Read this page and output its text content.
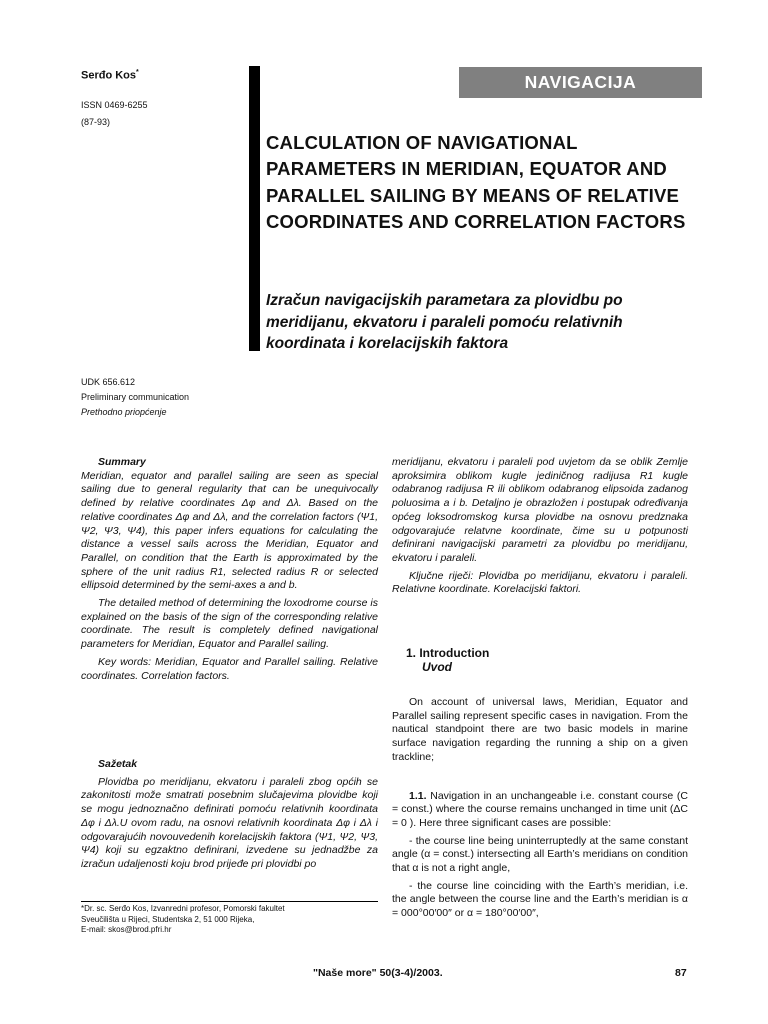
Serđo Kos*
ISSN 0469-6255
(87-93)
NAVIGACIJA
CALCULATION OF NAVIGATIONAL PARAMETERS IN MERIDIAN, EQUATOR AND PARALLEL SAILING BY MEANS OF RELATIVE COORDINATES AND CORRELATION FACTORS
Izračun navigacijskih parametara za plovidbu po meridijanu, ekvatoru i paraleli pomoću relativnih koordinata i korelacijskih faktora
UDK 656.612
Preliminary communication
Prethodno priopćenje

Summary

Meridian, equator and parallel sailing are seen as special sailing due to general regularity that can be unequivocally defined by relative coordinates Δφ and Δλ. Based on the relative coordinates Δφ and Δλ, and the correlation factors (Ψ1, Ψ2, Ψ3, Ψ4), this paper infers equations for calculating the distance a vessel sails across the Meridian, Equator and Parallel, on condition that the Earth is approximated by the sphere of the unit radius R1, selected radius R or selected ellipsoid determined by the semi-axes a and b.

The detailed method of determining the loxodrome course is explained on the basis of the sign of the corresponding relative coordinate. The result is completely defined navigational parameters for Meridian, Equator and Parallel sailing.

Key words: Meridian, Equator and Parallel sailing. Relative coordinates. Correlation factors.

Sažetak

Plovidba po meridijanu, ekvatoru i paraleli zbog općih se zakonitosti može smatrati posebnim slučajevima plovidbe koji se mogu jednoznačno definirati pomoću relativnih koordinata Δφ i Δλ.U ovom radu, na osnovi relativnih koordinata Δφ i Δλ i odgovarajućih novouvedenih korelacijskih faktora (Ψ1, Ψ2, Ψ3, Ψ4) koji su egzaktno definirani, izvedene su jednadžbe za izračun udaljenosti koju brod prijeđe pri plovidbi po

*Dr. sc. Serđo Kos, Izvanredni profesor, Pomorski fakultet
Sveučilišta u Rijeci, Studentska 2, 51 000 Rijeka,
E-mail: skos@brod.pfri.hr

meridijanu, ekvatoru i paraleli pod uvjetom da se oblik Zemlje aproksimira oblikom kugle jediničnog radijusa R1 kugle odabranog radijusa R ili oblikom odabranog elipsoida zadanog poluosima a i b. Detaljno je obrazložen i postupak određivanja općeg loksodromskog kursa plovidbe na osnovu predznaka odgovarajuće relatvne koordinate, čime su u potpunosti definirani navigacijski parametri za plovidbu po meridijanu, ekvatoru i paraleli.

Ključne riječi: Plovidba po meridijanu, ekvatoru i paraleli. Relativne koordinate. Korelacijski faktori.

1. Introduction

Uvod

On account of universal laws, Meridian, Equator and Parallel sailing represent specific cases in navigation. From the nautical standpoint there are two basic models in marine surface navigation regarding the running a ship on a given trackline;

1.1. Navigation in an unchangeable i.e. constant course (C = const.) where the course remains unchanged in time unit (ΔC = 0 ). Here three significant cases are possible:

- the course line being uninterruptedly at the same constant angle (α = const.) intersecting all Earth’s meridians on condition that α is not a right angle,

- the course line coinciding with the Earth’s meridian, i.e. the angle between the course line and the Earth’s meridian is α = 000°00′00″ or α = 180°00′00″,

"Naše more" 50(3-4)/2003.	87
